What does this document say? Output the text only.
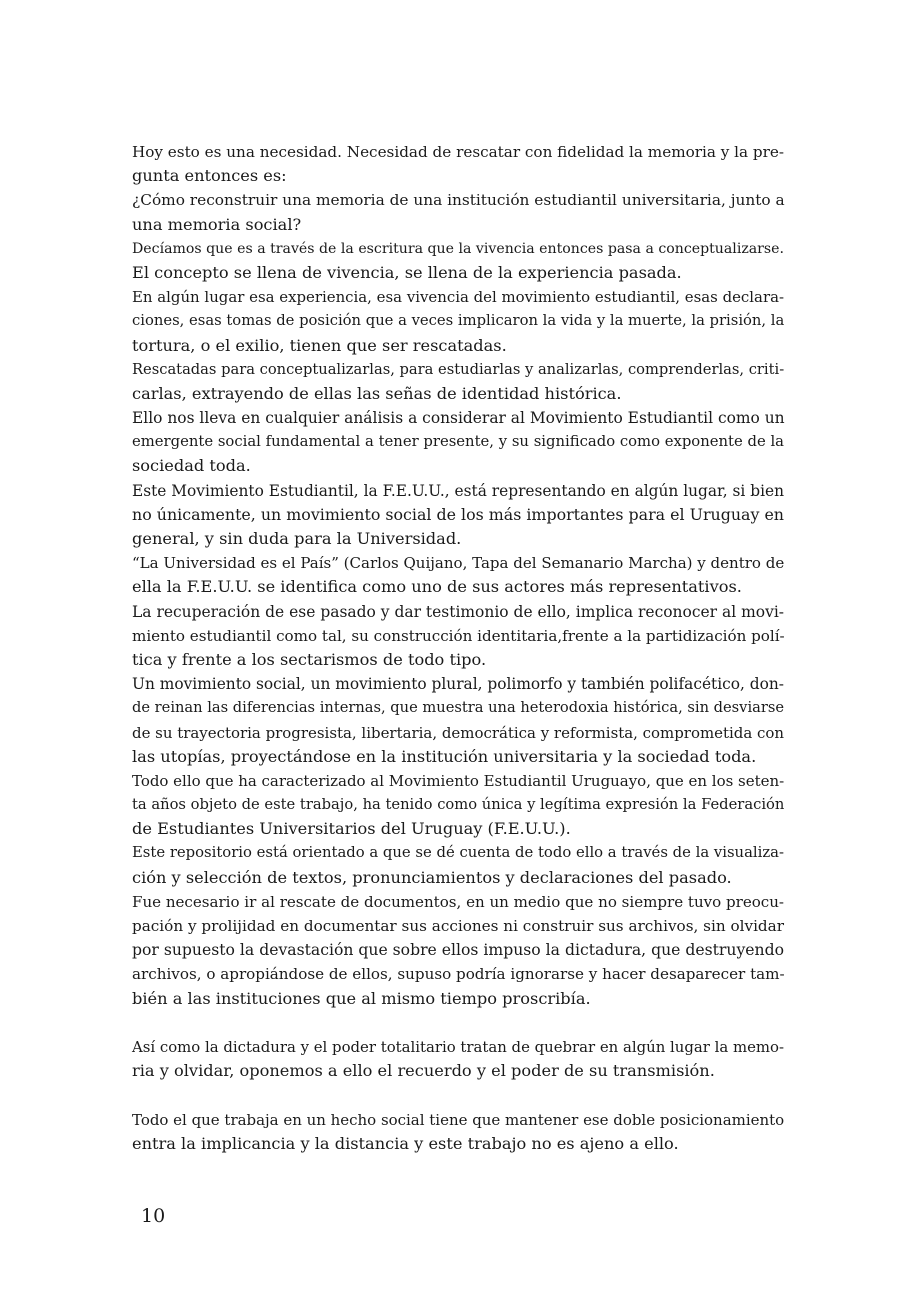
Hoy esto es una necesidad. Necesidad de rescatar con fidelidad la memoria y la pre-
gunta entonces es:
¿Cómo reconstruir una memoria de una institución estudiantil universitaria, junto a
una memoria social?
Decíamos que es a través de la escritura que la vivencia entonces pasa a conceptualizarse.
El concepto se llena de vivencia, se llena de la experiencia pasada.
En algún lugar esa experiencia, esa vivencia del movimiento estudiantil, esas declara-
ciones, esas tomas de posición que a veces implicaron la vida y la muerte, la prisión, la
tortura, o el exilio, tienen que ser rescatadas.
Rescatadas para conceptualizarlas, para estudiarlas y analizarlas, comprenderlas, criti-
carlas, extrayendo de ellas las señas de identidad histórica.
Ello nos lleva en cualquier análisis a considerar al Movimiento Estudiantil como un
emergente social fundamental a tener presente, y su significado como exponente de la
sociedad toda.
Este Movimiento Estudiantil, la F.E.U.U., está representando en algún lugar, si bien
no únicamente, un movimiento social de los más importantes para el Uruguay en
general, y sin duda para la Universidad.
“La Universidad es el País” (Carlos Quijano, Tapa del Semanario Marcha) y dentro de
ella la F.E.U.U. se identifica como uno de sus actores más representativos.
La recuperación de ese pasado y dar testimonio de ello, implica reconocer al movi-
miento estudiantil como tal, su construcción identitaria,frente a la partidización polí-
tica y frente a los sectarismos de todo tipo.
Un movimiento social, un movimiento plural, polimorfo y también polifacético, don-
de reinan las diferencias internas, que muestra una heterodoxia histórica, sin desviarse
de su trayectoria progresista, libertaria, democrática y reformista, comprometida con
las utopías, proyectándose en la institución universitaria y la sociedad toda.
Todo ello que ha caracterizado al Movimiento Estudiantil Uruguayo, que en los seten-
ta años objeto de este trabajo, ha tenido como única y legítima expresión la Federación
de Estudiantes Universitarios del Uruguay (F.E.U.U.).
Este repositorio está orientado a que se dé cuenta de todo ello a través de la visualiza-
ción y selección de textos, pronunciamientos y declaraciones del pasado.
Fue necesario ir al rescate de documentos, en un medio que no siempre tuvo preocu-
pación y prolijidad en documentar sus acciones ni construir sus archivos, sin olvidar
por supuesto la devastación que sobre ellos impuso la dictadura, que destruyendo
archivos, o apropiándose de ellos, supuso podría ignorarse y hacer desaparecer tam-
bién a las instituciones que al mismo tiempo proscribía.
Así como la dictadura y el poder totalitario tratan de quebrar en algún lugar la memo-
ria y olvidar, oponemos a ello el recuerdo y el poder de su transmisión.
Todo el que trabaja en un hecho social tiene que mantener ese doble posicionamiento
entra la implicancia y la distancia y este trabajo no es ajeno a ello.
10
